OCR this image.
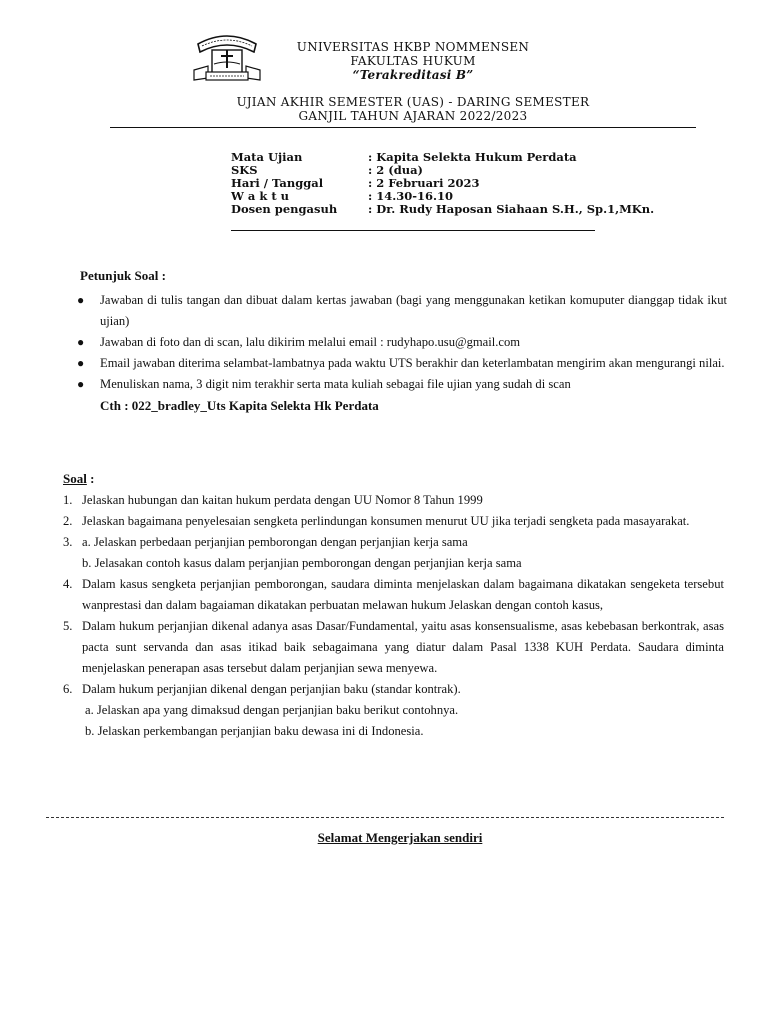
UNIVERSITAS HKBP NOMMENSEN
FAKULTAS HUKUM
“Terakreditasi B”
UJIAN AKHIR SEMESTER (UAS) - DARING SEMESTER
GANJIL TAHUN AJARAN 2022/2023
Mata Ujian	: Kapita Selekta Hukum Perdata
SKS	: 2 (dua)
Hari / Tanggal	: 2 Februari 2023
W a k t u	: 14.30-16.10
Dosen pengasuh	: Dr. Rudy Haposan Siahaan S.H., Sp.1,MKn.
Petunjuk Soal :
●	Jawaban di tulis tangan dan dibuat dalam kertas jawaban (bagi yang menggunakan ketikan komuputer dianggap tidak ikut ujian)
●	Jawaban di foto dan di scan, lalu dikirim melalui email : rudyhapo.usu@gmail.com
●	Email jawaban diterima selambat-lambatnya pada waktu UTS berakhir dan keterlambatan mengirim akan mengurangi nilai.
●	Menuliskan nama, 3 digit nim terakhir serta mata kuliah sebagai file ujian yang sudah di scan
Cth : 022_bradley_Uts Kapita Selekta Hk Perdata
Soal :
1. Jelaskan hubungan dan kaitan hukum perdata dengan UU Nomor 8 Tahun 1999
2. Jelaskan bagaimana penyelesaian sengketa perlindungan konsumen menurut UU jika terjadi sengketa pada masayarakat.
3. a. Jelaskan perbedaan perjanjian pemborongan dengan perjanjian kerja sama
b. Jelasakan contoh kasus dalam perjanjian pemborongan dengan perjanjian kerja sama
4. Dalam kasus sengketa perjanjian pemborongan, saudara diminta menjelaskan dalam bagaimana dikatakan sengeketa tersebut wanprestasi dan dalam bagaiaman dikatakan perbuatan melawan hukum Jelaskan dengan contoh kasus,
5. Dalam hukum perjanjian dikenal adanya asas Dasar/Fundamental, yaitu asas konsensualisme, asas kebebasan berkontrak, asas pacta sunt servanda dan asas itikad baik sebagaimana yang diatur dalam Pasal 1338 KUH Perdata. Saudara diminta menjelaskan penerapan asas tersebut dalam perjanjian sewa menyewa.
6. Dalam hukum perjanjian dikenal dengan perjanjian baku (standar kontrak).
a. Jelaskan apa yang dimaksud dengan perjanjian baku berikut contohnya.
b. Jelaskan perkembangan perjanjian baku dewasa ini di Indonesia.
Selamat Mengerjakan sendiri
